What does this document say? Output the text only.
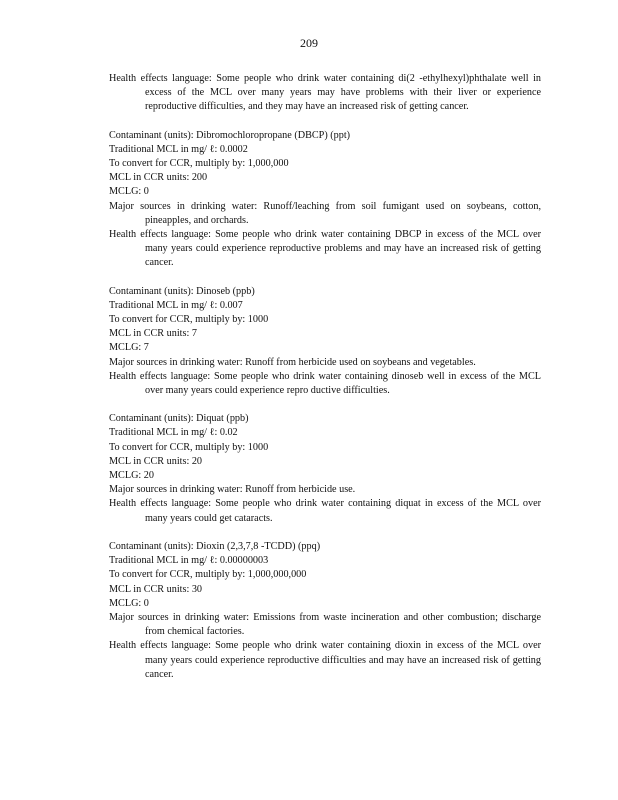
209
Health effects language: Some people who drink water containing di(2 -ethylhexyl)phthalate well in excess of the MCL over many years may have problems with their liver or experience reproductive difficulties, and they may have an increased risk of getting cancer.
Contaminant (units): Dibromochloropropane (DBCP) (ppt)
Traditional MCL in mg/ ℓ: 0.0002
To convert for CCR, multiply by: 1,000,000
MCL in CCR units: 200
MCLG: 0
Major sources in drinking water: Runoff/leaching from soil fumigant used on soybeans, cotton, pineapples, and orchards.
Health effects language: Some people who drink water containing DBCP in excess of the MCL over many years could experience reproductive problems and may have an increased risk of getting cancer.
Contaminant (units): Dinoseb (ppb)
Traditional MCL in mg/ ℓ: 0.007
To convert for CCR, multiply by: 1000
MCL in CCR units: 7
MCLG: 7
Major sources in drinking water: Runoff from herbicide used on soybeans and vegetables.
Health effects language: Some people who drink water containing dinoseb well in excess of the MCL over many years could experience repro ductive difficulties.
Contaminant (units): Diquat (ppb)
Traditional MCL in mg/ ℓ: 0.02
To convert for CCR, multiply by: 1000
MCL in CCR units: 20
MCLG: 20
Major sources in drinking water: Runoff from herbicide use.
Health effects language: Some people who drink water containing diquat in excess of the MCL over many years could get cataracts.
Contaminant (units): Dioxin (2,3,7,8 -TCDD) (ppq)
Traditional MCL in mg/ ℓ: 0.00000003
To convert for CCR, multiply by: 1,000,000,000
MCL in CCR units: 30
MCLG: 0
Major sources in drinking water: Emissions from waste incineration and other combustion; discharge from chemical factories.
Health effects language: Some people who drink water containing dioxin in excess of the MCL over many years could experience reproductive difficulties and may have an increased risk of getting cancer.
